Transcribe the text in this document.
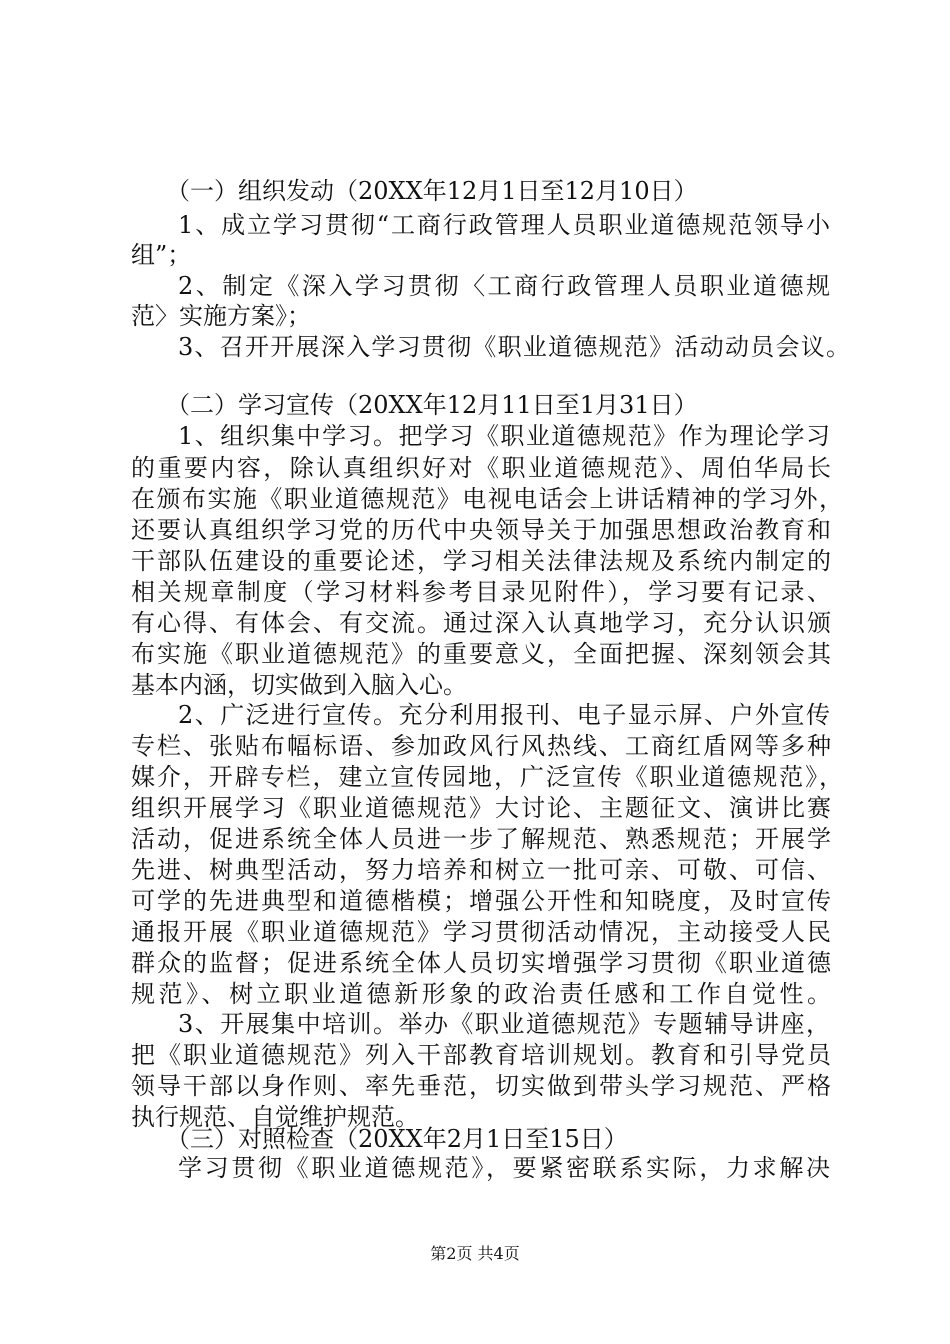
（一）组织发动（20XX年12月1日至12月10日）
1、成立学习贯彻“工商行政管理人员职业道德规范领导小
组”；
2、制定《深入学习贯彻〈工商行政管理人员职业道德规
范〉实施方案》；
3、召开开展深入学习贯彻《职业道德规范》活动动员会议。
（二）学习宣传（20XX年12月11日至1月31日）
1、组织集中学习。把学习《职业道德规范》作为理论学习
的重要内容，除认真组织好对《职业道德规范》、周伯华局长
在颁布实施《职业道德规范》电视电话会上讲话精神的学习外，
还要认真组织学习党的历代中央领导关于加强思想政治教育和
干部队伍建设的重要论述，学习相关法律法规及系统内制定的
相关规章制度（学习材料参考目录见附件），学习要有记录、
有心得、有体会、有交流。通过深入认真地学习，充分认识颁
布实施《职业道德规范》的重要意义，全面把握、深刻领会其
基本内涵，切实做到入脑入心。
2、广泛进行宣传。充分利用报刊、电子显示屏、户外宣传
专栏、张贴布幅标语、参加政风行风热线、工商红盾网等多种
媒介，开辟专栏，建立宣传园地，广泛宣传《职业道德规范》，
组织开展学习《职业道德规范》大讨论、主题征文、演讲比赛
活动，促进系统全体人员进一步了解规范、熟悉规范；开展学
先进、树典型活动，努力培养和树立一批可亲、可敬、可信、
可学的先进典型和道德楷模；增强公开性和知晓度，及时宣传
通报开展《职业道德规范》学习贯彻活动情况，主动接受人民
群众的监督；促进系统全体人员切实增强学习贯彻《职业道德
规范》、树立职业道德新形象的政治责任感和工作自觉性。
3、开展集中培训。举办《职业道德规范》专题辅导讲座，
把《职业道德规范》列入干部教育培训规划。教育和引导党员
领导干部以身作则、率先垂范，切实做到带头学习规范、严格
执行规范、自觉维护规范。
（三）对照检查（20XX年2月1日至15日）
学习贯彻《职业道德规范》，要紧密联系实际，力求解决
第2页 共4页
